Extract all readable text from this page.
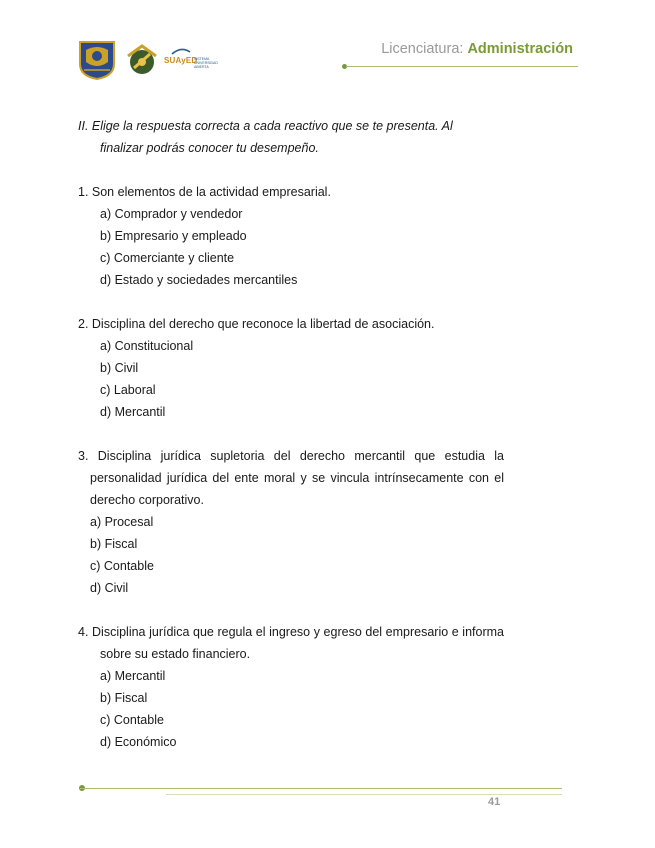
SUAyED
SISTEMA UNIVERSIDAD ABIERTA
Licenciatura: Administración

II. Elige la respuesta correcta a cada reactivo que se te presenta. Al
finalizar podrás conocer tu desempeño.

1. Son elementos de la actividad empresarial.

a) Comprador y vendedor
b) Empresario y empleado
c) Comerciante y cliente
d) Estado y sociedades mercantiles

2. Disciplina del derecho que reconoce la libertad de asociación.

a) Constitucional
b) Civil
c) Laboral
d) Mercantil

3. Disciplina jurídica supletoria del derecho mercantil que estudia la personalidad jurídica del ente moral y se vincula intrínsecamente con el derecho corporativo.

a) Procesal
b) Fiscal
c) Contable
d) Civil

4. Disciplina jurídica que regula el ingreso y egreso del empresario e informa sobre su estado financiero.

a) Mercantil
b) Fiscal
c) Contable
d) Económico
41
